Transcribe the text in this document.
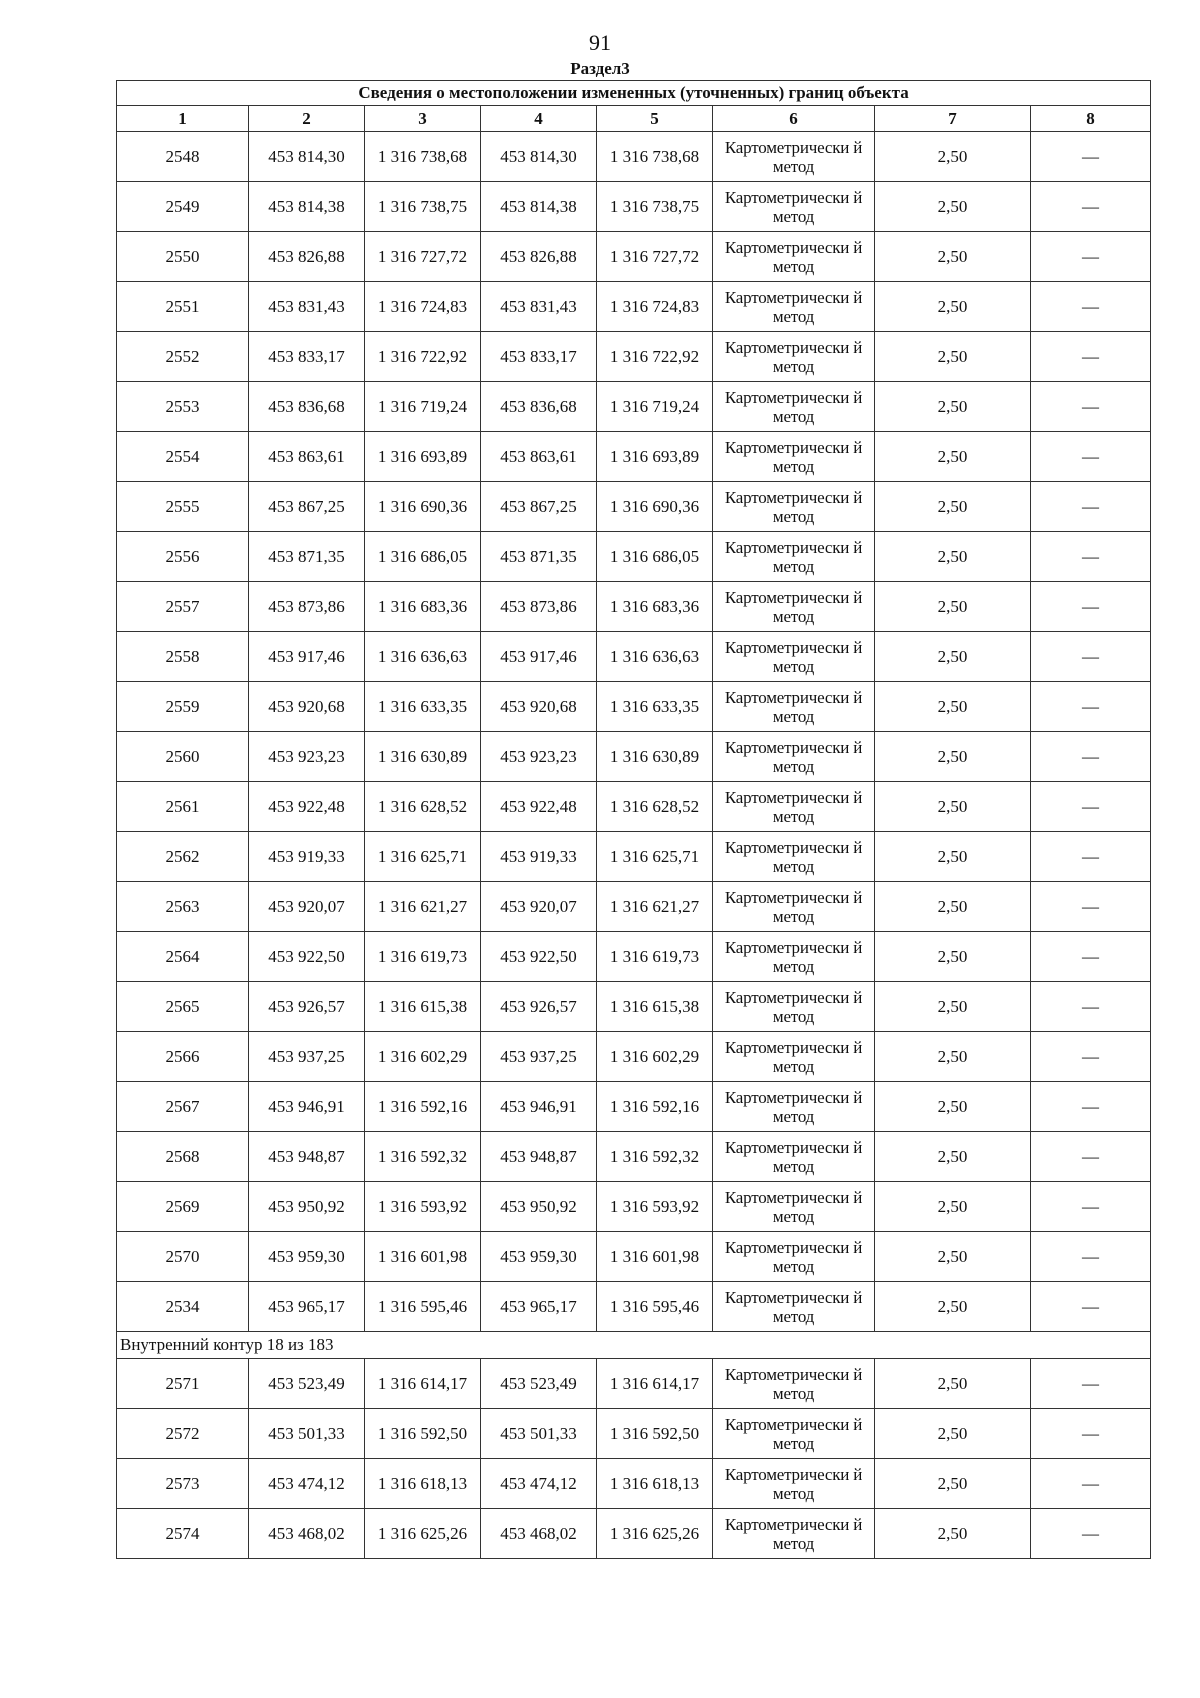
91
Раздел3
Сведения о местоположении измененных (уточненных) границ объекта							
1	2	3	4	5	6	7	8
2548	453 814,30	1 316 738,68	453 814,30	1 316 738,68	Картометрически й метод	2,50	—
2549	453 814,38	1 316 738,75	453 814,38	1 316 738,75	Картометрически й метод	2,50	—
2550	453 826,88	1 316 727,72	453 826,88	1 316 727,72	Картометрически й метод	2,50	—
2551	453 831,43	1 316 724,83	453 831,43	1 316 724,83	Картометрически й метод	2,50	—
2552	453 833,17	1 316 722,92	453 833,17	1 316 722,92	Картометрически й метод	2,50	—
2553	453 836,68	1 316 719,24	453 836,68	1 316 719,24	Картометрически й метод	2,50	—
2554	453 863,61	1 316 693,89	453 863,61	1 316 693,89	Картометрически й метод	2,50	—
2555	453 867,25	1 316 690,36	453 867,25	1 316 690,36	Картометрически й метод	2,50	—
2556	453 871,35	1 316 686,05	453 871,35	1 316 686,05	Картометрически й метод	2,50	—
2557	453 873,86	1 316 683,36	453 873,86	1 316 683,36	Картометрически й метод	2,50	—
2558	453 917,46	1 316 636,63	453 917,46	1 316 636,63	Картометрически й метод	2,50	—
2559	453 920,68	1 316 633,35	453 920,68	1 316 633,35	Картометрически й метод	2,50	—
2560	453 923,23	1 316 630,89	453 923,23	1 316 630,89	Картометрически й метод	2,50	—
2561	453 922,48	1 316 628,52	453 922,48	1 316 628,52	Картометрически й метод	2,50	—
2562	453 919,33	1 316 625,71	453 919,33	1 316 625,71	Картометрически й метод	2,50	—
2563	453 920,07	1 316 621,27	453 920,07	1 316 621,27	Картометрически й метод	2,50	—
2564	453 922,50	1 316 619,73	453 922,50	1 316 619,73	Картометрически й метод	2,50	—
2565	453 926,57	1 316 615,38	453 926,57	1 316 615,38	Картометрически й метод	2,50	—
2566	453 937,25	1 316 602,29	453 937,25	1 316 602,29	Картометрически й метод	2,50	—
2567	453 946,91	1 316 592,16	453 946,91	1 316 592,16	Картометрически й метод	2,50	—
2568	453 948,87	1 316 592,32	453 948,87	1 316 592,32	Картометрически й метод	2,50	—
2569	453 950,92	1 316 593,92	453 950,92	1 316 593,92	Картометрически й метод	2,50	—
2570	453 959,30	1 316 601,98	453 959,30	1 316 601,98	Картометрически й метод	2,50	—
2534	453 965,17	1 316 595,46	453 965,17	1 316 595,46	Картометрически й метод	2,50	—
Внутренний контур 18 из 183							
2571	453 523,49	1 316 614,17	453 523,49	1 316 614,17	Картометрически й метод	2,50	—
2572	453 501,33	1 316 592,50	453 501,33	1 316 592,50	Картометрически й метод	2,50	—
2573	453 474,12	1 316 618,13	453 474,12	1 316 618,13	Картометрически й метод	2,50	—
2574	453 468,02	1 316 625,26	453 468,02	1 316 625,26	Картометрически й метод	2,50	—
